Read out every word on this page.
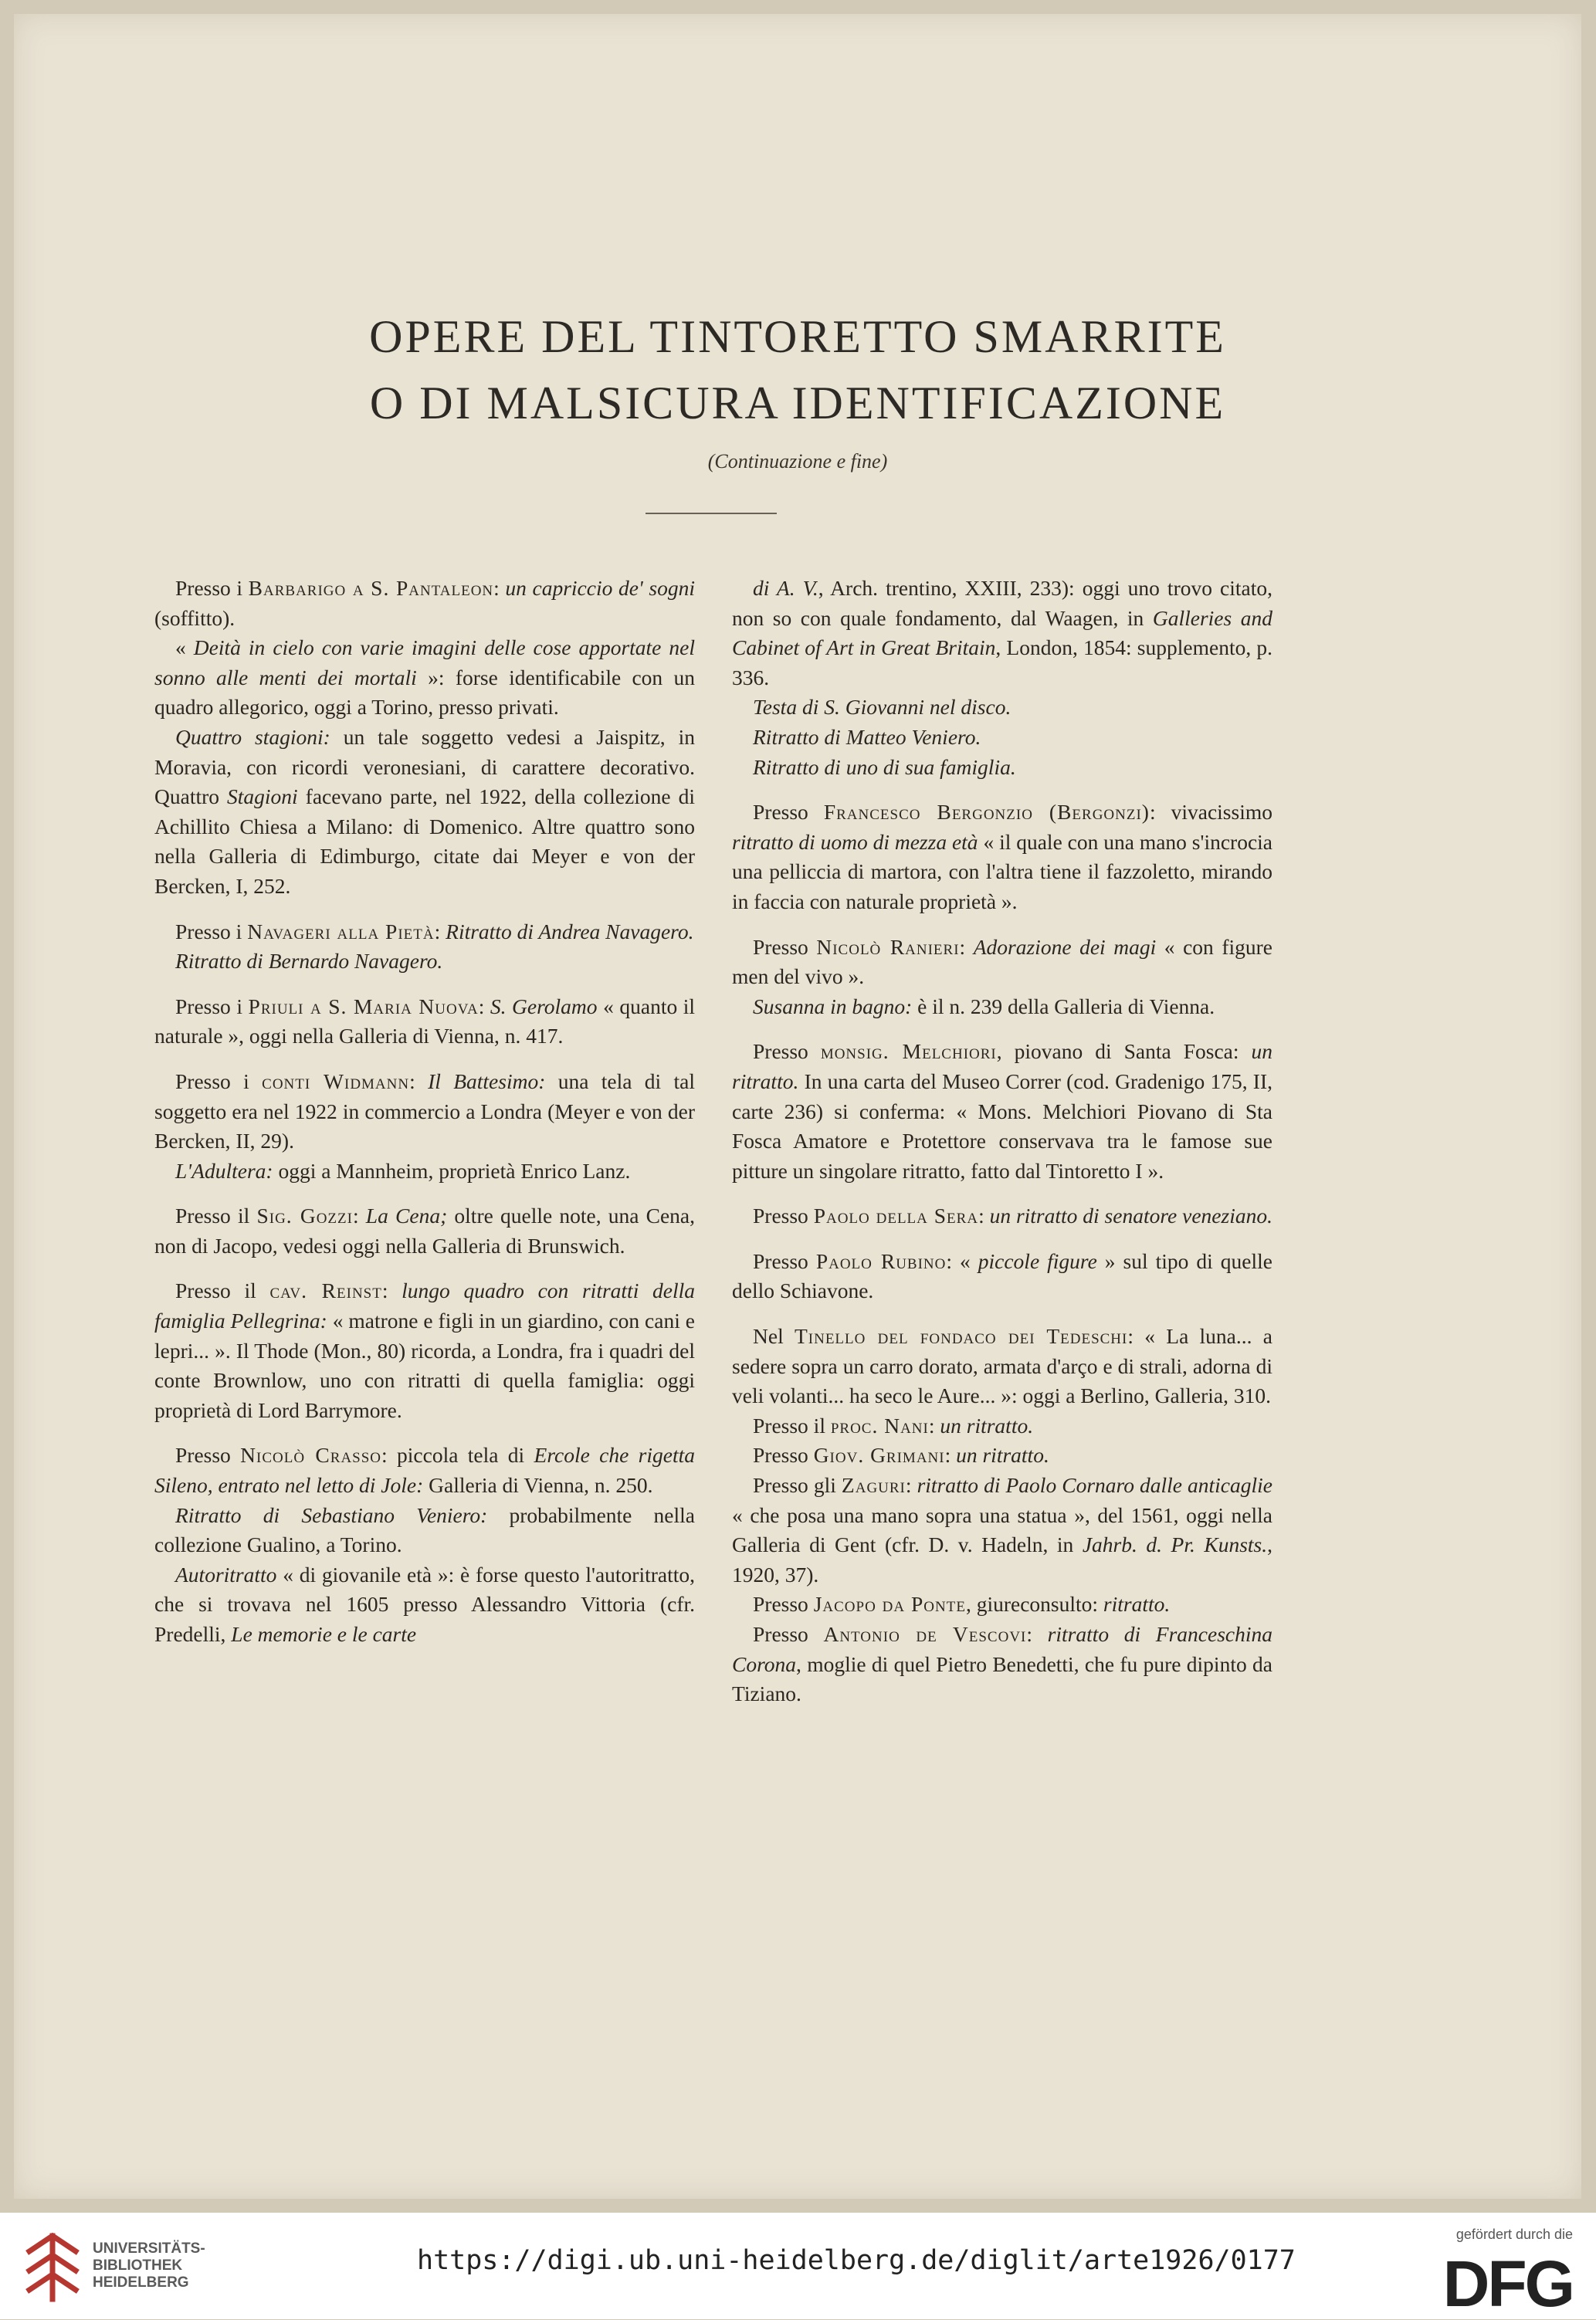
OPERE DEL TINTORETTO SMARRITE
O DI MALSICURA IDENTIFICAZIONE
(Continuazione e fine)

Presso i Barbarigo a S. Pantaleon: un capriccio de' sogni (soffitto).

« Deità in cielo con varie imagini delle cose apportate nel sonno alle menti dei mortali »: forse identificabile con un quadro allegorico, oggi a Torino, presso privati.

Quattro stagioni: un tale soggetto vedesi a Jaispitz, in Moravia, con ricordi veronesiani, di carattere decorativo. Quattro Stagioni facevano parte, nel 1922, della collezione di Achillito Chiesa a Milano: di Domenico. Altre quattro sono nella Galleria di Edimburgo, citate dai Meyer e von der Bercken, I, 252.

Presso i Navageri alla Pietà: Ritratto di Andrea Navagero.

Ritratto di Bernardo Navagero.

Presso i Priuli a S. Maria Nuova: S. Gerolamo « quanto il naturale », oggi nella Galleria di Vienna, n. 417.

Presso i conti Widmann: Il Battesimo: una tela di tal soggetto era nel 1922 in commercio a Londra (Meyer e von der Bercken, II, 29).

L'Adultera: oggi a Mannheim, proprietà Enrico Lanz.

Presso il Sig. Gozzi: La Cena; oltre quelle note, una Cena, non di Jacopo, vedesi oggi nella Galleria di Brunswich.

Presso il cav. Reinst: lungo quadro con ritratti della famiglia Pellegrina: « matrone e figli in un giardino, con cani e lepri... ». Il Thode (Mon., 80) ricorda, a Londra, fra i quadri del conte Brownlow, uno con ritratti di quella famiglia: oggi proprietà di Lord Barrymore.

Presso Nicolò Crasso: piccola tela di Ercole che rigetta Sileno, entrato nel letto di Jole: Galleria di Vienna, n. 250.

Ritratto di Sebastiano Veniero: probabilmente nella collezione Gualino, a Torino.

Autoritratto « di giovanile età »: è forse questo l'autoritratto, che si trovava nel 1605 presso Alessandro Vittoria (cfr. Predelli, Le memorie e le carte

di A. V., Arch. trentino, XXIII, 233): oggi uno trovo citato, non so con quale fondamento, dal Waagen, in Galleries and Cabinet of Art in Great Britain, London, 1854: supplemento, p. 336.

Testa di S. Giovanni nel disco.

Ritratto di Matteo Veniero.

Ritratto di uno di sua famiglia.

Presso Francesco Bergonzio (Bergonzi): vivacissimo ritratto di uomo di mezza età « il quale con una mano s'incrocia una pelliccia di martora, con l'altra tiene il fazzoletto, mirando in faccia con naturale proprietà ».

Presso Nicolò Ranieri: Adorazione dei magi « con figure men del vivo ».

Susanna in bagno: è il n. 239 della Galleria di Vienna.

Presso monsig. Melchiori, piovano di Santa Fosca: un ritratto. In una carta del Museo Correr (cod. Gradenigo 175, II, carte 236) si conferma: « Mons. Melchiori Piovano di Sta Fosca Amatore e Protettore conservava tra le famose sue pitture un singolare ritratto, fatto dal Tintoretto I ».

Presso Paolo della Sera: un ritratto di senatore veneziano.

Presso Paolo Rubino: « piccole figure » sul tipo di quelle dello Schiavone.

Nel Tinello del fondaco dei Tedeschi: « La luna... a sedere sopra un carro dorato, armata d'arço e di strali, adorna di veli volanti... ha seco le Aure... »: oggi a Berlino, Galleria, 310.

Presso il proc. Nani: un ritratto.

Presso Giov. Grimani: un ritratto.

Presso gli Zaguri: ritratto di Paolo Cornaro dalle anticaglie « che posa una mano sopra una statua », del 1561, oggi nella Galleria di Gent (cfr. D. v. Hadeln, in Jahrb. d. Pr. Kunsts., 1920, 37).

Presso Jacopo da Ponte, giureconsulto: ritratto.

Presso Antonio de Vescovi: ritratto di Franceschina Corona, moglie di quel Pietro Benedetti, che fu pure dipinto da Tiziano.

UNIVERSITÄTS-
BIBLIOTHEK
HEIDELBERG
https://digi.ub.uni-heidelberg.de/diglit/arte1926/0177
gefördert durch die
DFG
